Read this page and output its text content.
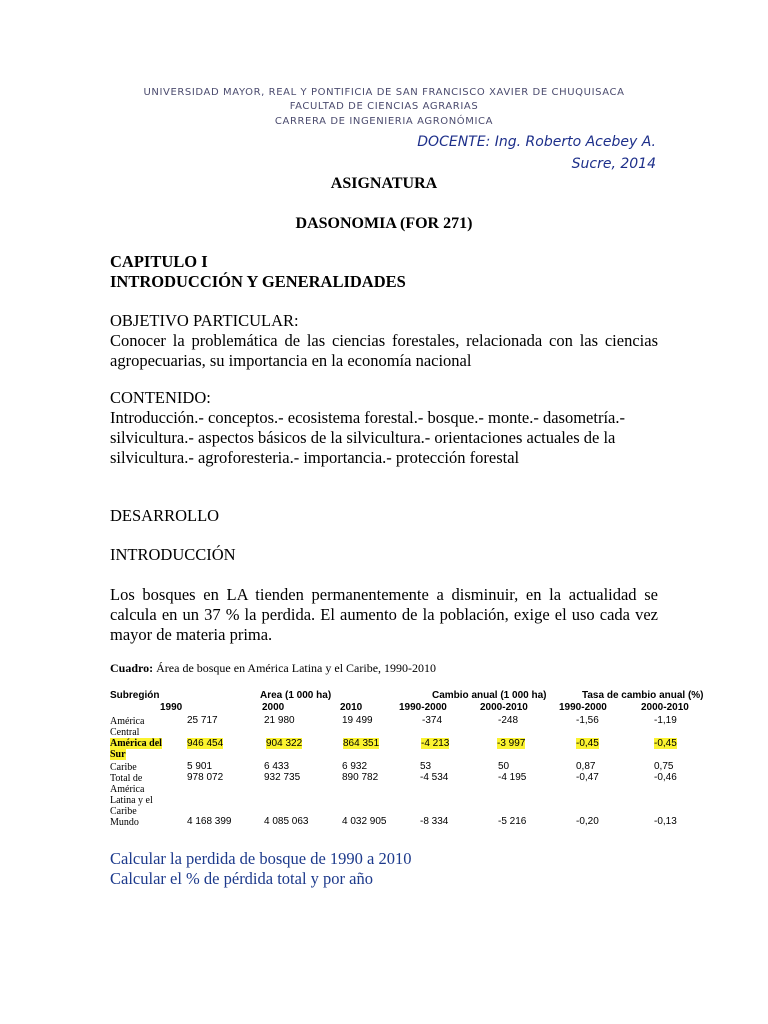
UNIVERSIDAD MAYOR, REAL Y PONTIFICIA DE SAN FRANCISCO XAVIER DE CHUQUISACA
FACULTAD DE CIENCIAS AGRARIAS
CARRERA DE INGENIERIA AGRONÓMICA
DOCENTE: Ing. Roberto Acebey A.
Sucre, 2014
ASIGNATURA
DASONOMIA (FOR 271)
CAPITULO I
INTRODUCCIÓN Y GENERALIDADES
OBJETIVO PARTICULAR:
Conocer la problemática de las ciencias forestales, relacionada con las ciencias agropecuarias, su importancia en la economía nacional
CONTENIDO:
Introducción.- conceptos.- ecosistema forestal.- bosque.- monte.- dasometría.- silvicultura.- aspectos básicos de la silvicultura.- orientaciones actuales de la silvicultura.- agroforesteria.- importancia.- protección forestal
DESARROLLO
INTRODUCCIÓN
Los bosques en LA tienden permanentemente a disminuir, en la actualidad se calcula en un 37 % la perdida. El aumento de la población, exige el uso cada vez mayor de materia prima.
Cuadro: Área de bosque en América Latina y el Caribe, 1990-2010
Subregión	Area (1 000 ha)	Cambio anual (1 000 ha)	Tasa de cambio anual (%)
1990	2000	2010	1990-2000	2000-2010	1990-2000	2000-2010
América Central
25 717	21 980	19 499	-374	-248	-1,56	-1,19
América del Sur
946 454	904 322	864 351	-4 213	-3 997	-0,45	-0,45
Caribe	5 901	6 433	6 932	53	50	0,87	0,75
Total de América Latina y el Caribe
978 072	932 735	890 782	-4 534	-4 195	-0,47	-0,46
Mundo	4 168 399	4 085 063	4 032 905	-8 334	-5 216	-0,20	-0,13
Calcular la perdida de bosque de 1990 a 2010
Calcular el % de pérdida total y por año
